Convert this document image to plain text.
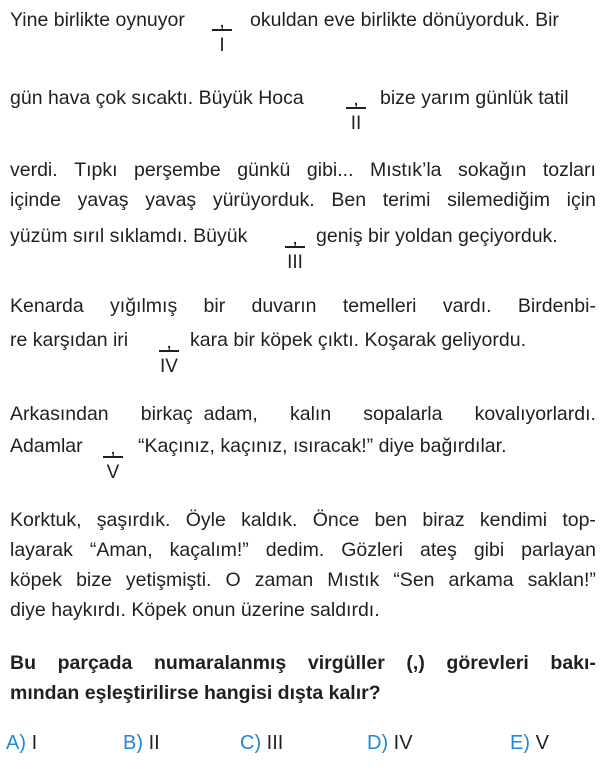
Yine birlikte oynuyor	okuldan eve birlikte dönüyorduk. Bir
,
I
gün hava çok sıcaktı. Büyük Hoca	bize yarım günlük tatil
,
II
verdi. Tıpkı perşembe günkü gibi... Mıstık’la sokağın tozları
içinde yavaş yavaş yürüyorduk. Ben terimi silemediğim için
yüzüm sırıl sıklamdı. Büyük	geniş bir yoldan geçiyorduk.
,
III
Kenarda yığılmış bir duvarın temelleri vardı. Birdenbi-
re karşıdan iri	kara bir köpek çıktı. Koşarak geliyordu.
,
IV
Arkasından birkaç  adam, kalın sopalarla kovalıyorlardı.
Adamlar	“Kaçınız, kaçınız, ısıracak!” diye bağırdılar.
,
V
Korktuk, şaşırdık. Öyle kaldık. Önce ben biraz kendimi top-
layarak “Aman, kaçalım!” dedim. Gözleri ateş gibi parlayan
köpek bize yetişmişti. O zaman Mıstık “Sen arkama saklan!”
diye haykırdı. Köpek onun üzerine saldırdı.
Bu parçada numaralanmış virgüller (,) görevleri bakı-
mından eşleştirilirse hangisi dışta kalır?
A) I	B) II	C) III	D) IV	E) V
